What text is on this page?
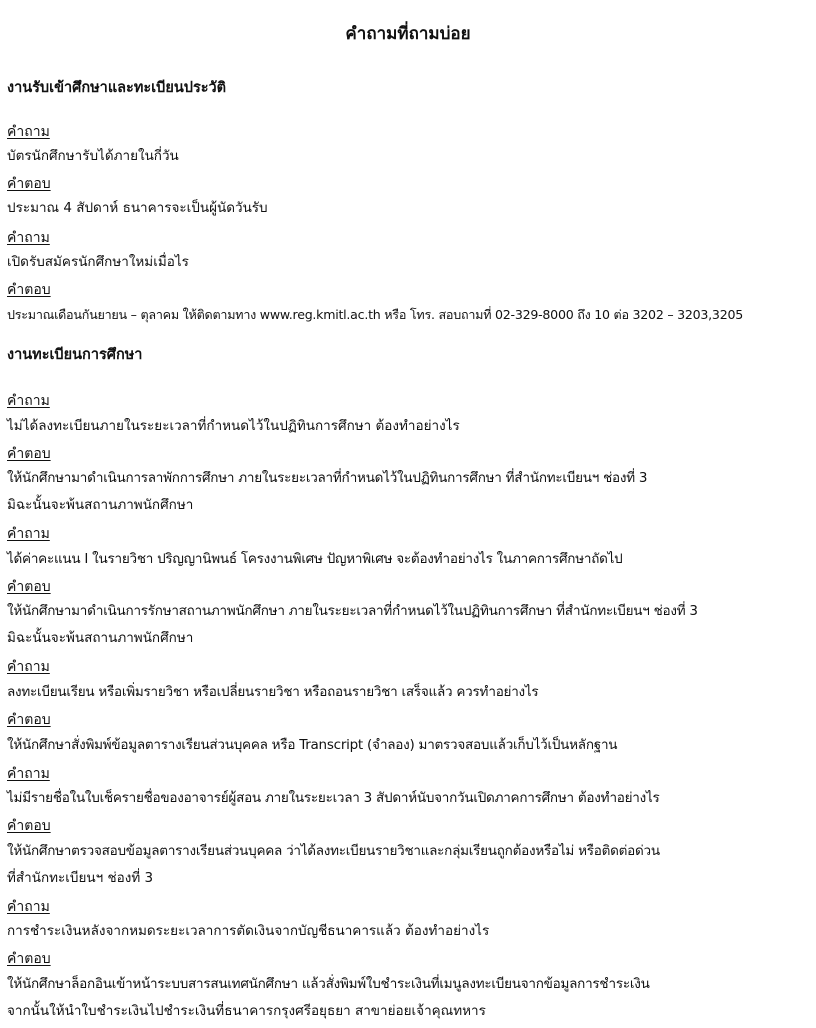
คำถามที่ถามบ่อย
งานรับเข้าศึกษาและทะเบียนประวัติ
คำถาม
บัตรนักศึกษารับได้ภายในกี่วัน
คำตอบ
ประมาณ 4 สัปดาห์ ธนาคารจะเป็นผู้นัดวันรับ
คำถาม
เปิดรับสมัครนักศึกษาใหม่เมื่อไร
คำตอบ
ประมาณเดือนกันยายน – ตุลาคม ให้ติดตามทาง www.reg.kmitl.ac.th หรือ โทร. สอบถามที่ 02-329-8000 ถึง 10 ต่อ 3202 – 3203,3205
งานทะเบียนการศึกษา
คำถาม
ไม่ได้ลงทะเบียนภายในระยะเวลาที่กำหนดไว้ในปฏิทินการศึกษา ต้องทำอย่างไร
คำตอบ
ให้นักศึกษามาดำเนินการลาพักการศึกษา ภายในระยะเวลาที่กำหนดไว้ในปฏิทินการศึกษา ที่สำนักทะเบียนฯ ช่องที่ 3
มิฉะนั้นจะพ้นสถานภาพนักศึกษา
คำถาม
ได้ค่าคะแนน I ในรายวิชา ปริญญานิพนธ์ โครงงานพิเศษ ปัญหาพิเศษ จะต้องทำอย่างไร ในภาคการศึกษาถัดไป
คำตอบ
ให้นักศึกษามาดำเนินการรักษาสถานภาพนักศึกษา ภายในระยะเวลาที่กำหนดไว้ในปฏิทินการศึกษา ที่สำนักทะเบียนฯ ช่องที่ 3
มิฉะนั้นจะพ้นสถานภาพนักศึกษา
คำถาม
ลงทะเบียนเรียน หรือเพิ่มรายวิชา หรือเปลี่ยนรายวิชา หรือถอนรายวิชา เสร็จแล้ว ควรทำอย่างไร
คำตอบ
ให้นักศึกษาสั่งพิมพ์ข้อมูลตารางเรียนส่วนบุคคล หรือ Transcript (จำลอง) มาตรวจสอบแล้วเก็บไว้เป็นหลักฐาน
คำถาม
ไม่มีรายชื่อในใบเช็ครายชื่อของอาจารย์ผู้สอน ภายในระยะเวลา 3 สัปดาห์นับจากวันเปิดภาคการศึกษา ต้องทำอย่างไร
คำตอบ
ให้นักศึกษาตรวจสอบข้อมูลตารางเรียนส่วนบุคคล ว่าได้ลงทะเบียนรายวิชาและกลุ่มเรียนถูกต้องหรือไม่ หรือติดต่อด่วน
ที่สำนักทะเบียนฯ ช่องที่ 3
คำถาม
การชำระเงินหลังจากหมดระยะเวลาการตัดเงินจากบัญชีธนาคารแล้ว ต้องทำอย่างไร
คำตอบ
ให้นักศึกษาล็อกอินเข้าหน้าระบบสารสนเทศนักศึกษา แล้วสั่งพิมพ์ใบชำระเงินที่เมนูลงทะเบียนจากข้อมูลการชำระเงิน
จากนั้นให้นำใบชำระเงินไปชำระเงินที่ธนาคารกรุงศรีอยุธยา สาขาย่อยเจ้าคุณทหาร
